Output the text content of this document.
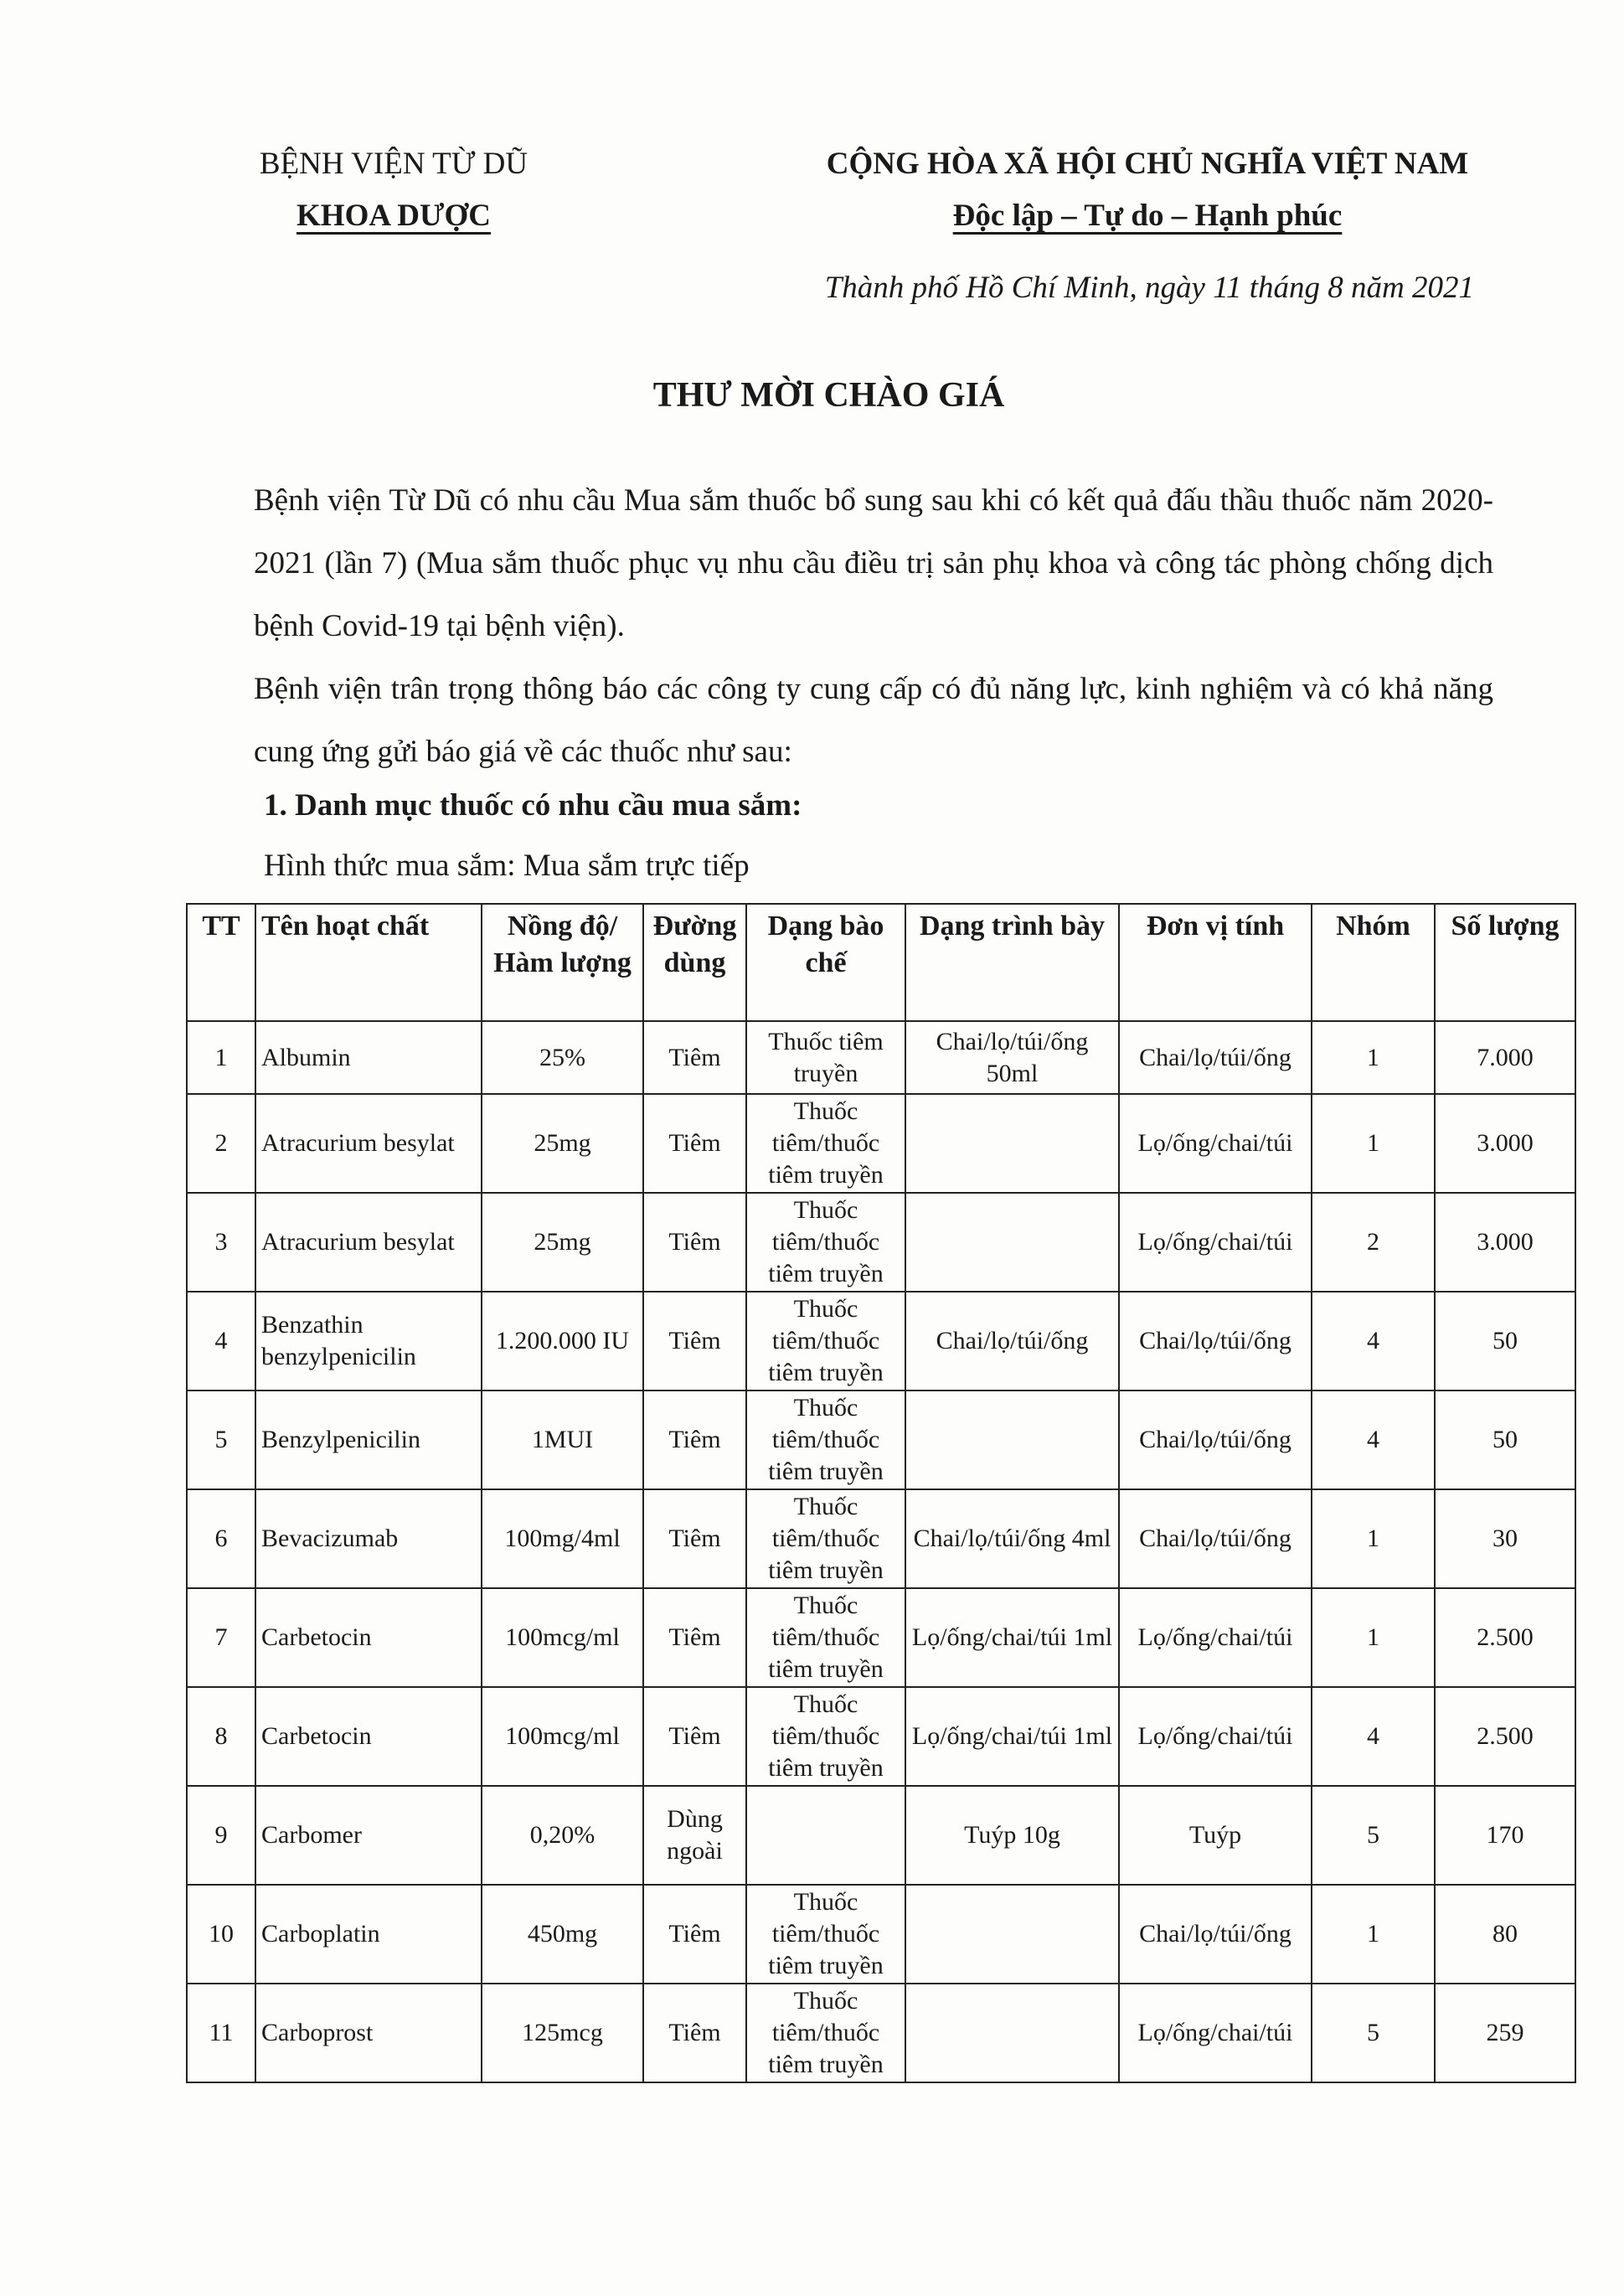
BỆNH VIỆN TỪ DŨ
KHOA DƯỢC
CỘNG HÒA XÃ HỘI CHỦ NGHĨA VIỆT NAM
Độc lập – Tự do – Hạnh phúc
Thành phố Hồ Chí Minh, ngày 11 tháng 8 năm 2021
THƯ MỜI CHÀO GIÁ

Bệnh viện Từ Dũ có nhu cầu Mua sắm thuốc bổ sung sau khi có kết quả đấu thầu thuốc năm 2020-2021 (lần 7) (Mua sắm thuốc phục vụ nhu cầu điều trị sản phụ khoa và công tác phòng chống dịch bệnh Covid-19 tại bệnh viện).

Bệnh viện trân trọng thông báo các công ty cung cấp có đủ năng lực, kinh nghiệm và có khả năng cung ứng gửi báo giá về các thuốc như sau:

1. Danh mục thuốc có nhu cầu mua sắm:
Hình thức mua sắm: Mua sắm trực tiếp
TT	Tên hoạt chất	Nồng độ/ Hàm lượng	Đường dùng	Dạng bào chế	Dạng trình bày	Đơn vị tính	Nhóm	Số lượng
1	Albumin	25%	Tiêm	Thuốc tiêm truyền	Chai/lọ/túi/ống 50ml	Chai/lọ/túi/ống	1	7.000
2	Atracurium besylat	25mg	Tiêm	Thuốc tiêm/thuốc tiêm truyền		Lọ/ống/chai/túi	1	3.000
3	Atracurium besylat	25mg	Tiêm	Thuốc tiêm/thuốc tiêm truyền		Lọ/ống/chai/túi	2	3.000
4	Benzathin benzylpenicilin	1.200.000 IU	Tiêm	Thuốc tiêm/thuốc tiêm truyền	Chai/lọ/túi/ống	Chai/lọ/túi/ống	4	50
5	Benzylpenicilin	1MUI	Tiêm	Thuốc tiêm/thuốc tiêm truyền		Chai/lọ/túi/ống	4	50
6	Bevacizumab	100mg/4ml	Tiêm	Thuốc tiêm/thuốc tiêm truyền	Chai/lọ/túi/ống 4ml	Chai/lọ/túi/ống	1	30
7	Carbetocin	100mcg/ml	Tiêm	Thuốc tiêm/thuốc tiêm truyền	Lọ/ống/chai/túi 1ml	Lọ/ống/chai/túi	1	2.500
8	Carbetocin	100mcg/ml	Tiêm	Thuốc tiêm/thuốc tiêm truyền	Lọ/ống/chai/túi 1ml	Lọ/ống/chai/túi	4	2.500
9	Carbomer	0,20%	Dùng ngoài		Tuýp 10g	Tuýp	5	170
10	Carboplatin	450mg	Tiêm	Thuốc tiêm/thuốc tiêm truyền		Chai/lọ/túi/ống	1	80
11	Carboprost	125mcg	Tiêm	Thuốc tiêm/thuốc tiêm truyền		Lọ/ống/chai/túi	5	259
